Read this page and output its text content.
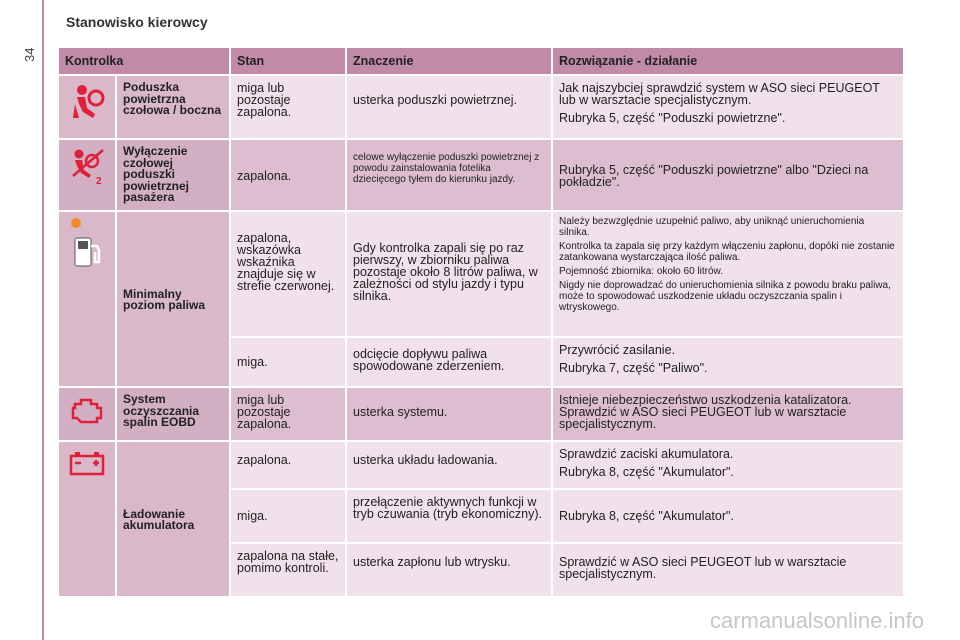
34
Stanowisko kierowcy
Kontrolka		Stan	Znaczenie	Rozwiązanie - działanie

	Poduszka powietrzna czołowa / boczna	miga lub pozostaje zapalona.	usterka poduszki powietrznej.	Jak najszybciej sprawdzić system w ASO sieci PEUGEOT lub w warsztacie specjalistycznym.

Rubryka 5, część "Poduszki powietrzne".

2	Wyłączenie czołowej poduszki powietrznej pasażera	zapalona.	celowe wyłączenie poduszki powietrznej z powodu zainstalowania fotelika dziecięcego tyłem do kierunku jazdy.	Rubryka 5, część "Poduszki powietrzne" albo "Dzieci na pokładzie".

	Minimalny poziom paliwa	zapalona, wskazówka wskaźnika znajduje się w strefie czerwonej.	Gdy kontrolka zapali się po raz pierwszy, w zbiorniku paliwa pozostaje około 8 litrów paliwa, w zależności od stylu jazdy i typu silnika.	Należy bezwzględnie uzupełnić paliwo, aby uniknąć unieruchomienia silnika.

Kontrolka ta zapala się przy każdym włączeniu zapłonu, dopóki nie zostanie zatankowana wystarczająca ilość paliwa.

Pojemność zbiornika: około 60 litrów.

Nigdy nie doprowadzać do unieruchomienia silnika z powodu braku paliwa, może to spowodować uszkodzenie układu oczyszczania spalin i wtryskowego.

		miga.	odcięcie dopływu paliwa spowodowane zderzeniem.	Przywrócić zasilanie.

Rubryka 7, część "Paliwo".

	System oczyszczania spalin EOBD	miga lub pozostaje zapalona.	usterka systemu.	Istnieje niebezpieczeństwo uszkodzenia katalizatora. Sprawdzić w ASO sieci PEUGEOT lub w warsztacie specjalistycznym.

	Ładowanie akumulatora	zapalona.	usterka układu ładowania.	Sprawdzić zaciski akumulatora.

Rubryka 8, część "Akumulator".

		miga.	przełączenie aktywnych funkcji w tryb czuwania (tryb ekonomiczny).	Rubryka 8, część "Akumulator".

		zapalona na stałe, pomimo kontroli.	usterka zapłonu lub wtrysku.	Sprawdzić w ASO sieci PEUGEOT lub w warsztacie specjalistycznym.

carmanualsonline.info
